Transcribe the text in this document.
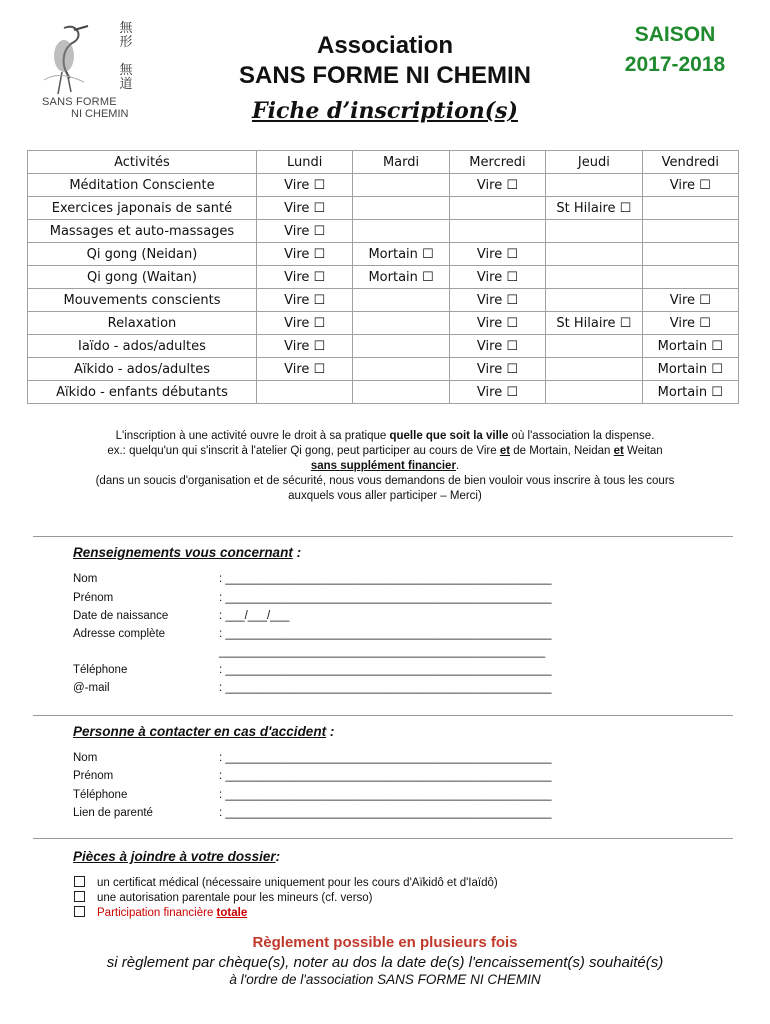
無
形
無
道
SANS FORME
NI CHEMIN
Association
SANS FORME NI CHEMIN
Fiche d’inscription(s)
SAISON
2017-2018
Activités	Lundi	Mardi	Mercredi	Jeudi	Vendredi
Méditation Consciente	Vire ☐		Vire ☐		Vire ☐
Exercices japonais de santé	Vire ☐			St Hilaire ☐	
Massages et auto-massages	Vire ☐				
Qi gong (Neidan)	Vire ☐	Mortain ☐	Vire ☐		
Qi gong (Waitan)	Vire ☐	Mortain ☐	Vire ☐		
Mouvements conscients	Vire ☐		Vire ☐		Vire ☐
Relaxation	Vire ☐		Vire ☐	St Hilaire ☐	Vire ☐
Iaïdo - ados/adultes	Vire ☐		Vire ☐		Mortain ☐
Aïkido - ados/adultes	Vire ☐		Vire ☐		Mortain ☐
Aïkido - enfants débutants			Vire ☐		Mortain ☐
L'inscription à une activité ouvre le droit à sa pratique quelle que soit la ville où l'association la dispense.
ex.: quelqu'un qui s'inscrit à l'atelier Qi gong, peut participer au cours de Vire et de Mortain, Neidan et Weitan
sans supplément financier.
(dans un soucis d'organisation et de sécurité, nous vous demandons de bien vouloir vous inscrire à tous les cours
auxquels vous aller participer – Merci)
Renseignements vous concernant :
Nom	: ___________________________________________________
Prénom	: ___________________________________________________
Date de naissance	: ___/___/___
Adresse complète	: ___________________________________________________
___________________________________________________
Téléphone	: ___________________________________________________
@-mail	: ___________________________________________________
Personne à contacter en cas d'accident :
Nom	: ___________________________________________________
Prénom	: ___________________________________________________
Téléphone	: ___________________________________________________
Lien de parenté	: ___________________________________________________
Pièces à joindre à votre dossier:
un certificat médical (nécessaire uniquement pour les cours d'Aïkidô et d'Iaïdô)
une autorisation parentale pour les mineurs (cf. verso)
Participation financière totale
Règlement possible en plusieurs fois
si règlement par chèque(s), noter au dos la date de(s) l'encaissement(s) souhaité(s)
à l'ordre de l'association SANS FORME NI CHEMIN
